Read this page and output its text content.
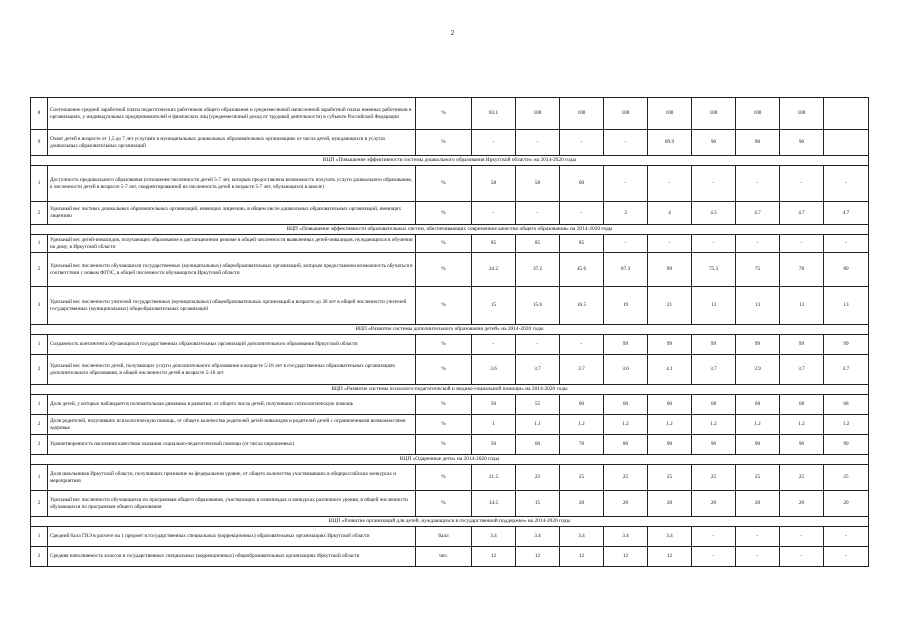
2
8	Соотношение средней заработной платы педагогических работников общего образования и среднемесячной начисленной заработной платы наемных работников в организациях, у индивидуальных предпринимателей и физических лиц (среднемесячный доход от трудовой деятельности) в субъекте Российской Федерации	%	83.1	100	100	100	100	100	100	100	
9	Охват детей в возрасте от 1,5 до 7 лет услугами в муниципальных дошкольных образовательных организациях от числа детей, нуждающихся в услугах дошкольных образовательных организаций	%	-	-	-	-	89.9	90	90	90	
ВЦП «Повышение эффективности системы дошкольного образования Иркутской области» на 2014-2020 годы											
1	Доступность предшкольного образования (отношение численности детей 5-7 лет, которым предоставлена возможность получать услуги дошкольного образования, к численности детей в возрасте 5-7 лет, скорректированной на численность детей в возрасте 5-7 лет, обучающихся в школе)	%	58	58	60	-	-	-	-	-	-
2	Удельный вес частных дошкольных образовательных организаций, имеющих лицензию, в общем числе дошкольных образовательных организаций, имеющих лицензию	%	-	-	-	3	4	4.5	4.7	4.7	4.7
ВЦП «Повышение эффективности образовательных систем, обеспечивающих современное качество общего образования» на 2014-2020 годы											
1	Удельный вес детей-инвалидов, получающих образование в дистанционном режиме в общей численности выявленных детей-инвалидов, нуждающихся в обучении на дому, в Иркутской области	%	85	85	85	-	-	-	-	-	-
2	Удельный вес численности обучающихся государственных (муниципальных) общеобразовательных организаций, которым предоставлена возможность обучаться в соответствии с новым ФГОС, в общей численности обучающихся Иркутской области	%	24.2	37.2	45.6	87.3	89	75.3	75	78	80
3	Удельный вес численности учителей государственных (муниципальных) общеобразовательных организаций в возрасте до 30 лет в общей численности учителей государственных (муниципальных) общеобразовательных организаций	%	15	15.6	16.5	19	21	13	13	13	13
ВЦП «Развитие системы дополнительного образования детей» на 2014-2020 годы											
1	Сохранность контингента обучающихся государственных образовательных организаций дополнительного образования Иркутской области	%	-	-	-	99	99	99	99	99	99
2	Удельный вес численности детей, получающих услуги дополнительного образования в возрасте 5-18 лет в государственных образовательных организациях дополнительного образования, в общей численности детей в возрасте 5-18 лет	%	3.6	3.7	3.7	3.6	4.1	3.7	3.9	3.7	3.7
ВЦП «Развитие системы психолого-педагогической и медико-социальной помощи» на 2014-2020 годы											
1	Доля детей, у которых наблюдается положительная динамика в развитии, от общего числа детей, получивших психологическую помощь	%	50	55	60	60	60	68	68	68	68
2	Доля родителей, получивших психологическую помощь, от общего количества родителей детей-инвалидов и родителей детей с ограниченными возможностями здоровья	%	1	1.1	1.2	1.2	1.2	1.2	1.2	1.2	1.2
3	Удовлетворенность населения качеством оказания социально-педагогической помощи (от числа опрошенных)	%	50	60	70	80	90	90	90	90	90
ВЦП «Одаренные дети» на 2014-2020 годы											
1	Доля школьников Иркутской области, получивших признание на федеральном уровне, от общего количества участвовавших в общероссийских конкурсах и мероприятиях	%	21.5	22	25	25	25	25	25	25	25
2	Удельный вес численности обучающихся по программам общего образования, участвующих в олимпиадах и конкурсах различного уровня, в общей численности обучающихся по программам общего образования	%	14.5	15	20	20	20	20	20	20	20
ВЦП «Развитие организаций для детей, нуждающихся в государственной поддержке» на 2014-2020 годы											
1	Средний балл ГВЭ в расчете на 1 предмет в государственных специальных (коррекционных) образовательных организациях Иркутской области	балл	3.4	3.4	3.4	3.4	3.4	-	-	-	-
2	Средняя наполняемость классов в государственных специальных (коррекционных) общеобразовательных организациях Иркутской области	чел.	12	12	12	12	12	-	-	-	-
